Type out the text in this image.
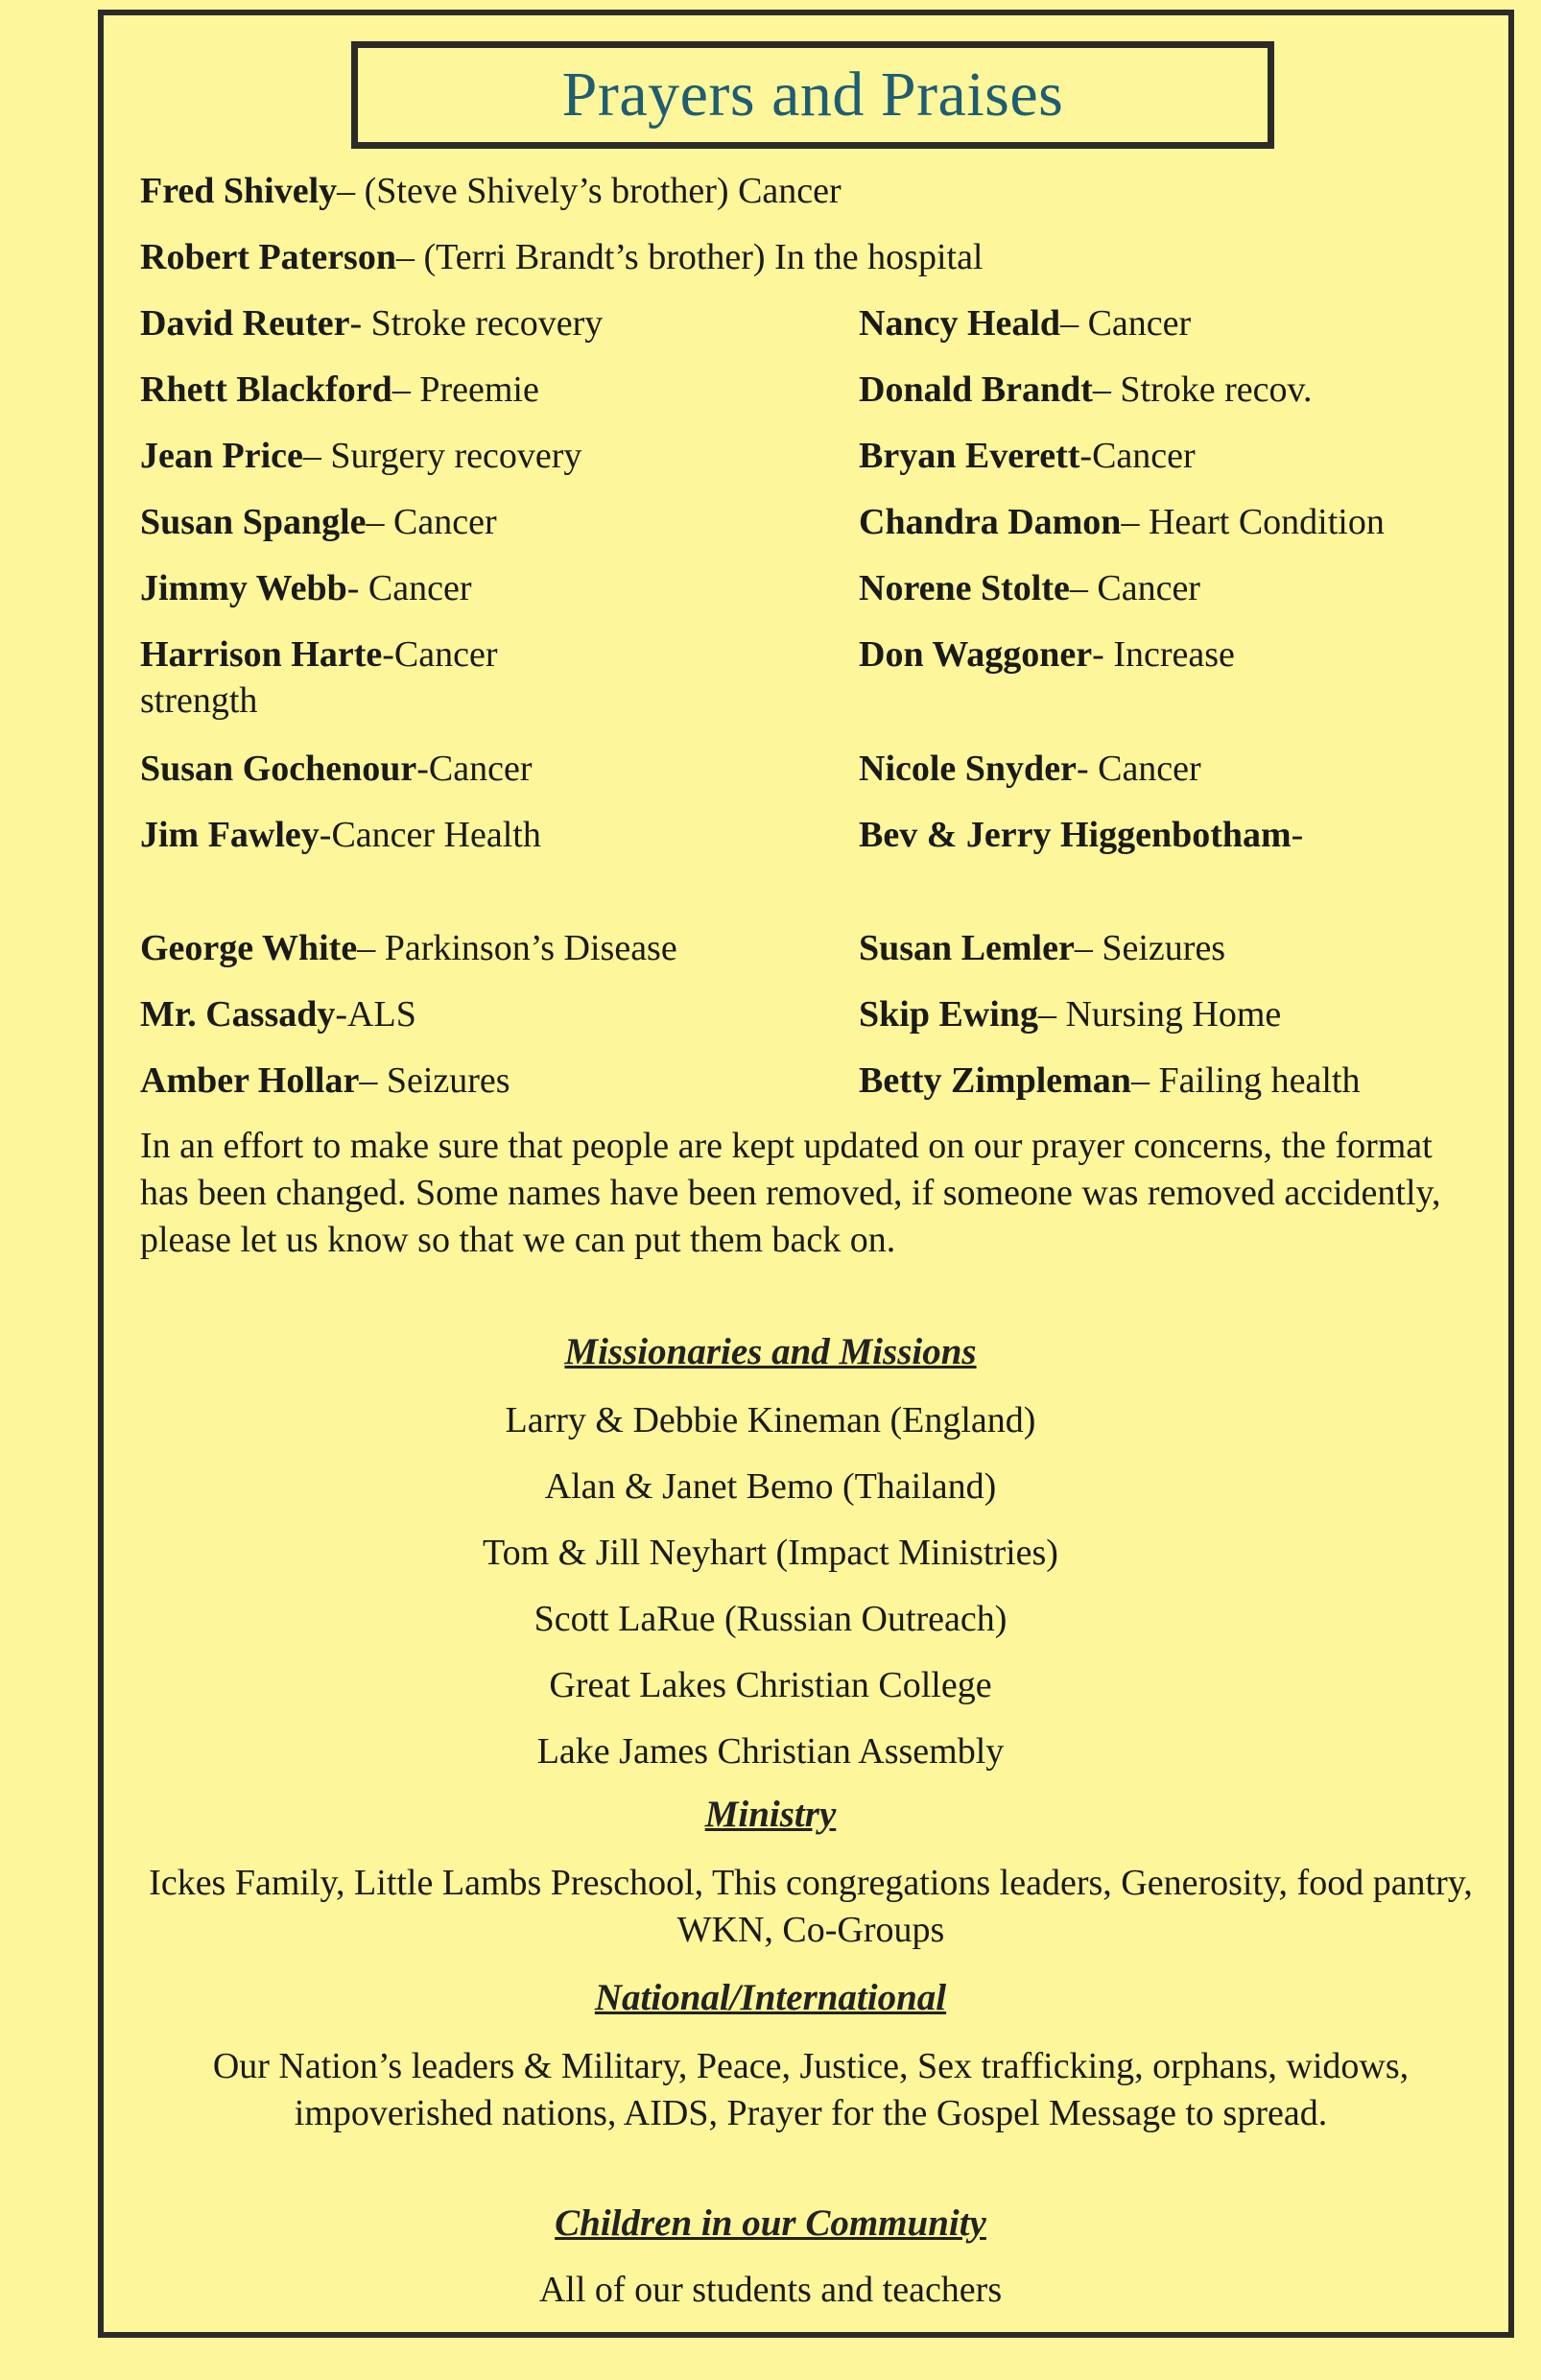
Prayers and Praises
Fred Shively– (Steve Shively’s brother) Cancer
Robert Paterson– (Terri Brandt’s brother) In the hospital
David Reuter- Stroke recovery
Rhett Blackford– Preemie
Jean Price– Surgery recovery
Susan Spangle– Cancer
Jimmy Webb- Cancer
Harrison Harte-Cancer strength
Susan Gochenour-Cancer
Jim Fawley-Cancer Health
George White– Parkinson’s Disease
Mr. Cassady-ALS
Amber Hollar– Seizures
Nancy Heald– Cancer
Donald Brandt– Stroke recov.
Bryan Everett-Cancer
Chandra Damon– Heart Condition
Norene Stolte– Cancer
Don Waggoner- Increase
Nicole Snyder- Cancer
Bev & Jerry Higgenbotham-
Susan Lemler– Seizures
Skip Ewing– Nursing Home
Betty Zimpleman– Failing health
In an effort to make sure that people are kept updated on our prayer concerns, the format has been changed. Some names have been removed, if someone was removed accidently, please let us know so that we can put them back on.
Missionaries and Missions
Larry & Debbie Kineman (England)
Alan & Janet Bemo (Thailand)
Tom & Jill Neyhart (Impact Ministries)
Scott LaRue (Russian Outreach)
Great Lakes Christian College
Lake James Christian Assembly
Ministry
Ickes Family, Little Lambs Preschool, This congregations leaders, Generosity, food pantry, WKN, Co-Groups
National/International
Our Nation’s leaders & Military, Peace, Justice, Sex trafficking, orphans, widows, impoverished nations, AIDS, Prayer for the Gospel Message to spread.
Children in our Community
All of our students and teachers
